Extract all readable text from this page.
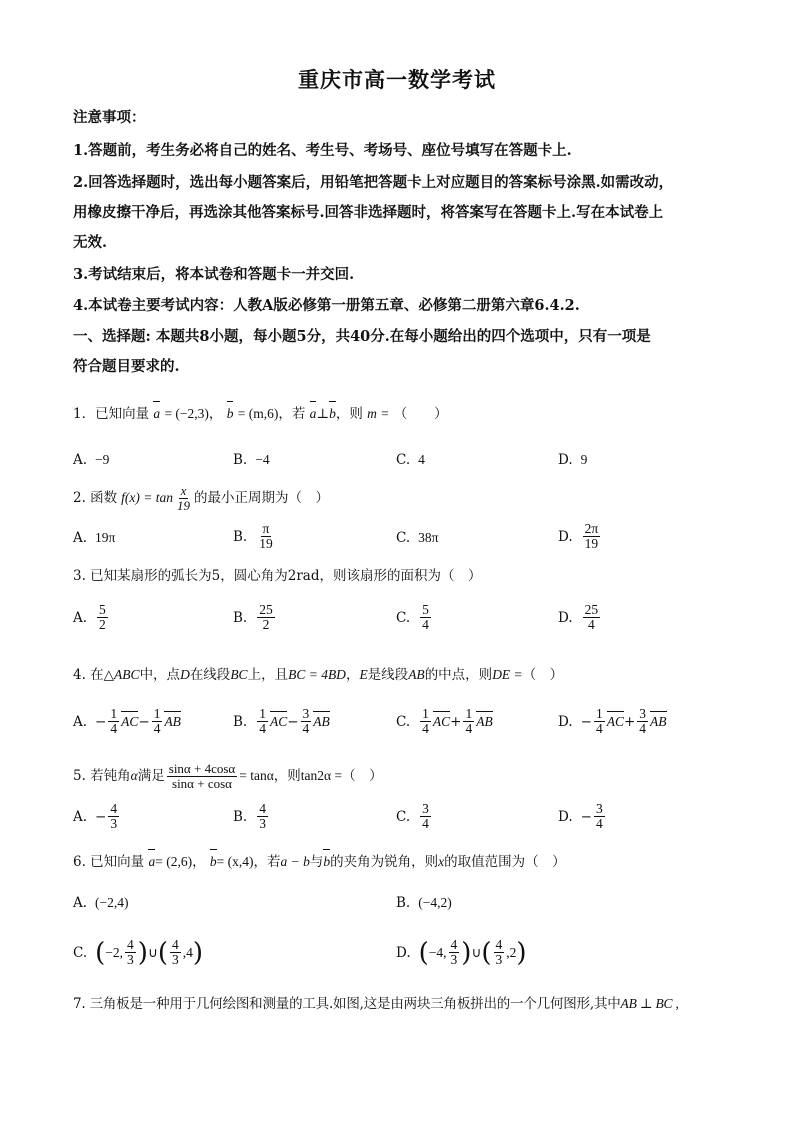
重庆市高一数学考试
注意事项：
1.答题前，考生务必将自己的姓名、考生号、考场号、座位号填写在答题卡上.
2.回答选择题时，选出每小题答案后，用铅笔把答题卡上对应题目的答案标号涂黑.如需改动，
用橡皮擦干净后，再选涂其他答案标号.回答非选择题时，将答案写在答题卡上.写在本试卷上
无效.
3.考试结束后，将本试卷和答题卡一并交回.
4.本试卷主要考试内容：人教A版必修第一册第五章、必修第二册第六章6.4.2.
一、选择题: 本题共8小题，每小题5分，共40分.在每小题给出的四个选项中，只有一项是
符合题目要求的.
1．已知向量 a = (−2,3)， b = (m,6)，若 a⊥b，则 m = （　　）
A. −9	B. −4	C. 4	D. 9
2. 函数 $f(x) = \tan \frac{x}{19}$ 的最小正周期为（　）
A. 19π	B. $\frac{\pi}{19}$	C. 38π	D. $\frac{2\pi}{19}$
3. 已知某扇形的弧长为5，圆心角为2rad，则该扇形的面积为（　）
A. $\frac{5}{2}$	B. $\frac{25}{2}$	C. $\frac{5}{4}$	D. $\frac{25}{4}$
4. 在△ABC中，点D在线段BC上，且BC = 4BD，E是线段AB的中点，则DE =（　）
A. − $\frac{1}{4}$ AC − $\frac{1}{4}$ AB	B. $\frac{1}{4}$ AC − $\frac{3}{4}$ AB	C. $\frac{1}{4}$ AC + $\frac{1}{4}$ AB	D. − $\frac{1}{4}$ AC + $\frac{3}{4}$ AB
5. 若钝角 α 满足 $\frac{\sin\alpha + 4\cos\alpha}{\sin\alpha + \cos\alpha} = \tan\alpha$ ，则 tan2α = （　）
A. − $\frac{4}{3}$	B. $\frac{4}{3}$	C. $\frac{3}{4}$	D. − $\frac{3}{4}$
6. 已知向量 a= (2,6)， b= (x,4)，若a − b与b的夹角为锐角，则x的取值范围为（　）
A. (−2,4)	B. (−4,2)
C. ( −2, $\frac{4}{3}$ ) ∪ ( $\frac{4}{3} ,4$ )	D. ( −4, $\frac{4}{3}$ ) ∪ ( $\frac{4}{3} ,2$ )
7. 三角板是一种用于几何绘图和测量的工具.如图,这是由两块三角板拼出的一个几何图形,其中AB ⊥ BC ,
